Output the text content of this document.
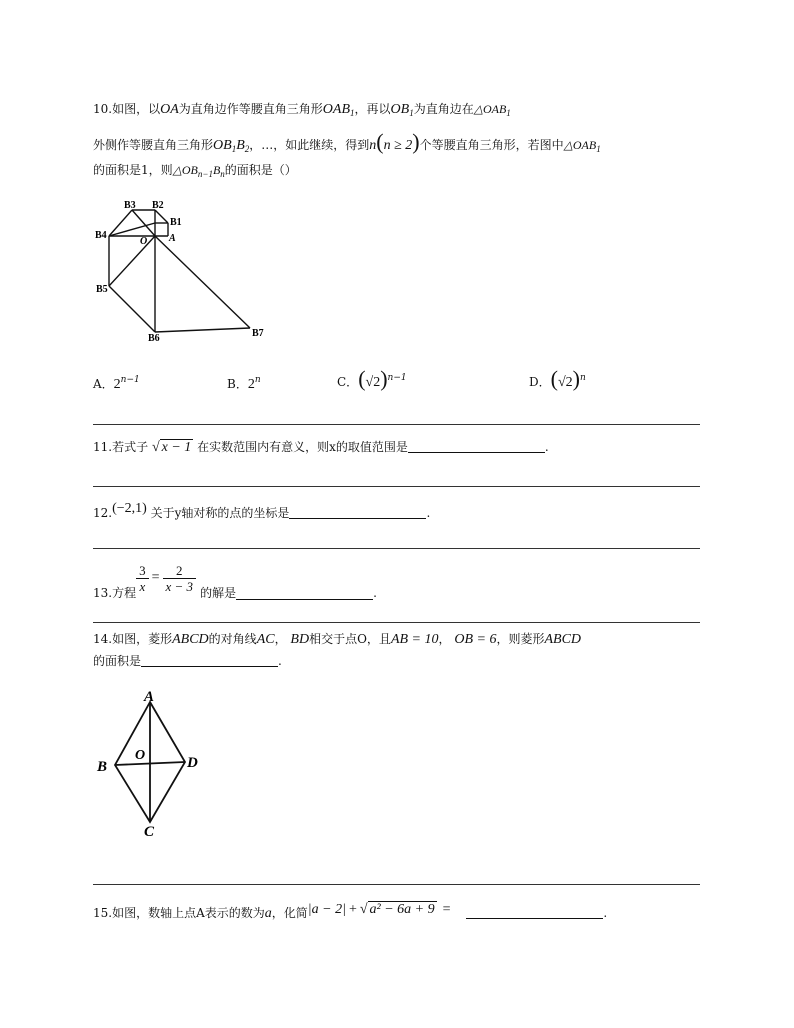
10.如图，以OA为直角边作等腰直角三角形$OAB_1$，再以$OB_1$为直角边在$\triangle OAB_1$
外侧作等腰直角三角形$OB_1B_2$，…，如此继续，得到n(n ≥ 2)个等腰直角三角形，若图中$\triangle OAB_1$
的面积是1，则$\triangle OB_{n-1}B_n$的面积是（）
B3 B2
B1
B4
O A
B5
B6	B7
A．$2^{n-1}$	B．2$^n$	C．$(√2)^{n-1}$	D．$(√2)^n$
11.若式子 √ x − 1 在实数范围内有意义，则x的取值范围是	.
12.(−2,1) 关于y轴对称的点的坐标是	.
13. 方程 $\frac{3}{x} = \frac{2}{x - 3}$ 的解是	.
14.如图，菱形ABCD的对角线AC， BD相交于点O，且AB = 10， OB = 6，则菱形ABCD
的面积是	.
A
B
O	D
C
15.如图，数轴上点A表示的数为a，化简|a − 2| + √ a² − 6a + 9 =	.
